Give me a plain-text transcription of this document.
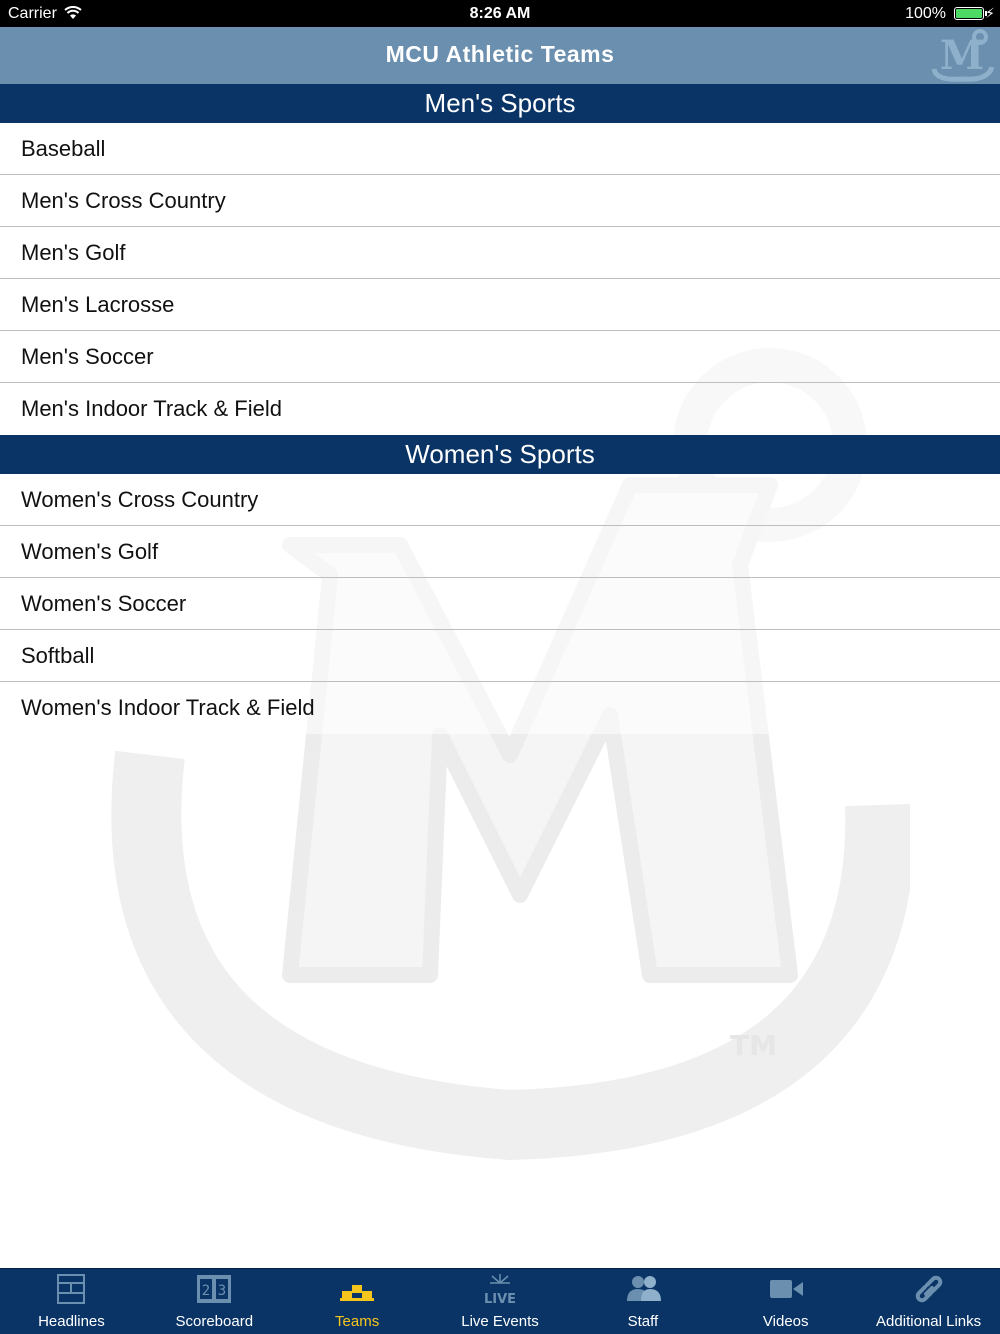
Carrier	8:26 AM	100%	⚡
MCU Athletic Teams	M
TM
Men's Sports
Baseball
Men's Cross Country
Men's Golf
Men's Lacrosse
Men's Soccer
Men's Indoor Track & Field
Women's Sports
Women's Cross Country
Women's Golf
Women's Soccer
Softball
Women's Indoor Track & Field
Headlines
2 3
Scoreboard	Teams
LIVE
Live Events	Staff	Videos	Additional Links
